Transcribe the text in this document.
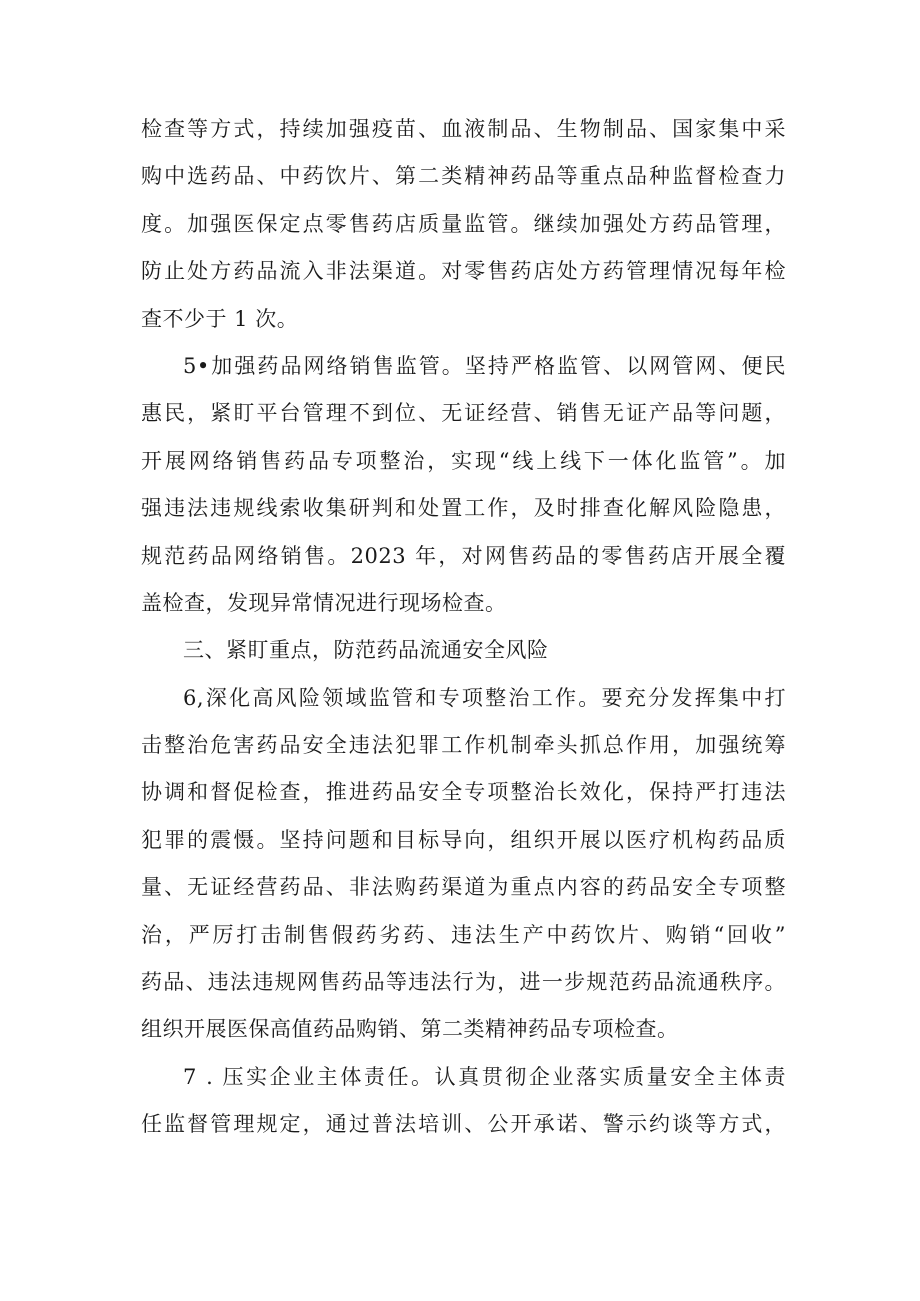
检查等方式，持续加强疫苗、血液制品、生物制品、国家集中采
购中选药品、中药饮片、第二类精神药品等重点品种监督检查力
度。加强医保定点零售药店质量监管。继续加强处方药品管理，
防止处方药品流入非法渠道。对零售药店处方药管理情况每年检
查不少于 1 次。
5•加强药品网络销售监管。坚持严格监管、以网管网、便民
惠民，紧盯平台管理不到位、无证经营、销售无证产品等问题，
开展网络销售药品专项整治，实现“线上线下一体化监管”。加
强违法违规线索收集研判和处置工作，及时排查化解风险隐患，
规范药品网络销售。2023 年，对网售药品的零售药店开展全覆
盖检查，发现异常情况进行现场检查。
三、紧盯重点，防范药品流通安全风险
6,深化高风险领域监管和专项整治工作。要充分发挥集中打
击整治危害药品安全违法犯罪工作机制牵头抓总作用，加强统筹
协调和督促检查，推进药品安全专项整治长效化，保持严打违法
犯罪的震慑。坚持问题和目标导向，组织开展以医疗机构药品质
量、无证经营药品、非法购药渠道为重点内容的药品安全专项整
治，严厉打击制售假药劣药、违法生产中药饮片、购销“回收”
药品、违法违规网售药品等违法行为，进一步规范药品流通秩序。
组织开展医保高值药品购销、第二类精神药品专项检查。
7 . 压实企业主体责任。认真贯彻企业落实质量安全主体责
任监督管理规定，通过普法培训、公开承诺、警示约谈等方式，
